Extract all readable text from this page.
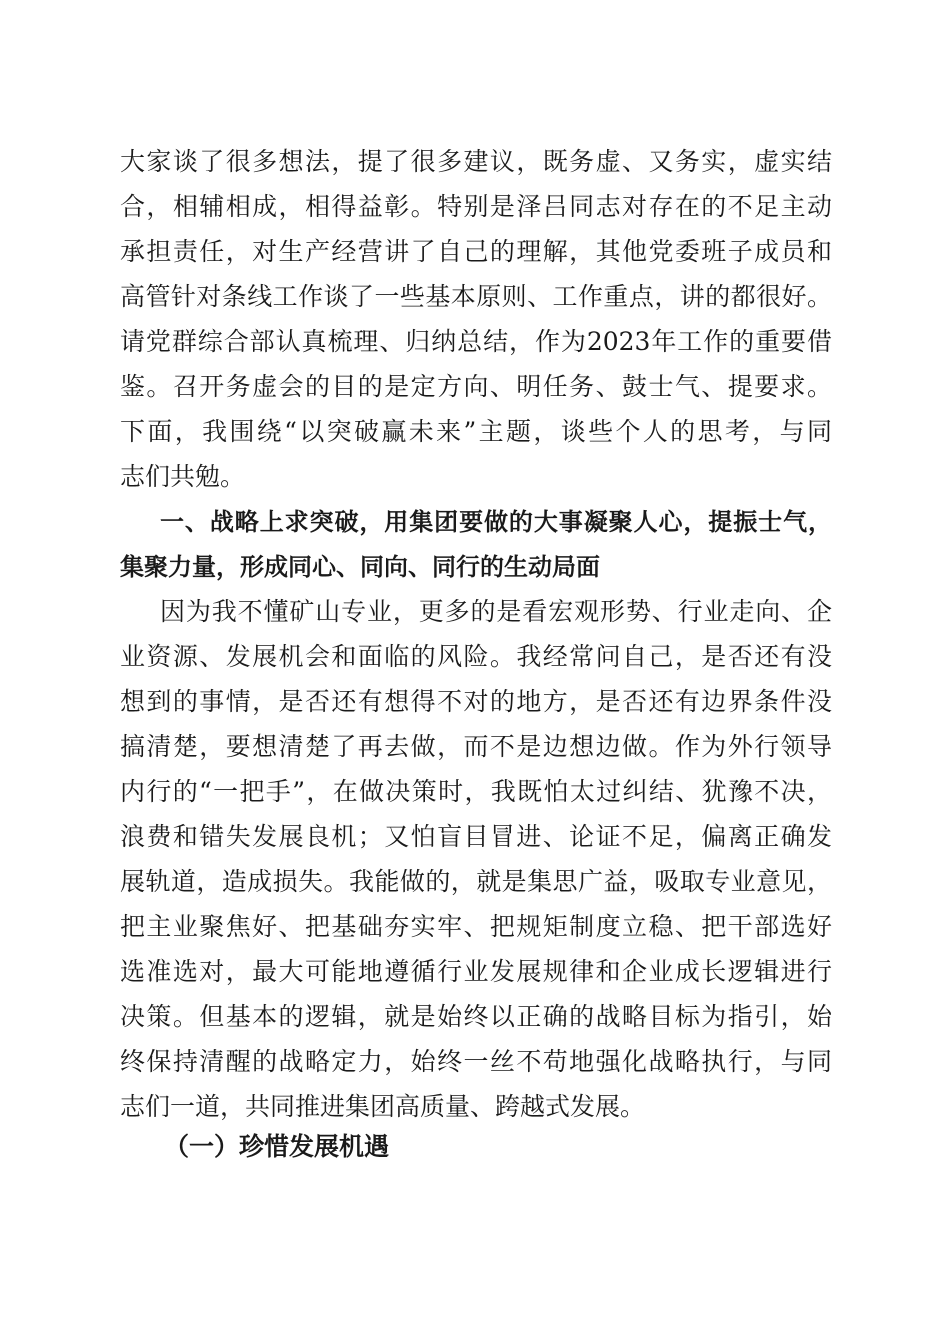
大家谈了很多想法，提了很多建议，既务虚、又务实，虚实结
合，相辅相成，相得益彰。特别是泽吕同志对存在的不足主动
承担责任，对生产经营讲了自己的理解，其他党委班子成员和
高管针对条线工作谈了一些基本原则、工作重点，讲的都很好。
请党群综合部认真梳理、归纳总结，作为2023年工作的重要借
鉴。召开务虚会的目的是定方向、明任务、鼓士气、提要求。
下面，我围绕“以突破赢未来”主题，谈些个人的思考，与同
志们共勉。
一、战略上求突破，用集团要做的大事凝聚人心，提振士气，
集聚力量，形成同心、同向、同行的生动局面
因为我不懂矿山专业，更多的是看宏观形势、行业走向、企
业资源、发展机会和面临的风险。我经常问自己，是否还有没
想到的事情，是否还有想得不对的地方，是否还有边界条件没
搞清楚，要想清楚了再去做，而不是边想边做。作为外行领导
内行的“一把手”，在做决策时，我既怕太过纠结、犹豫不决，
浪费和错失发展良机；又怕盲目冒进、论证不足，偏离正确发
展轨道，造成损失。我能做的，就是集思广益，吸取专业意见，
把主业聚焦好、把基础夯实牢、把规矩制度立稳、把干部选好
选准选对，最大可能地遵循行业发展规律和企业成长逻辑进行
决策。但基本的逻辑，就是始终以正确的战略目标为指引，始
终保持清醒的战略定力，始终一丝不苟地强化战略执行，与同
志们一道，共同推进集团高质量、跨越式发展。
（一）珍惜发展机遇
